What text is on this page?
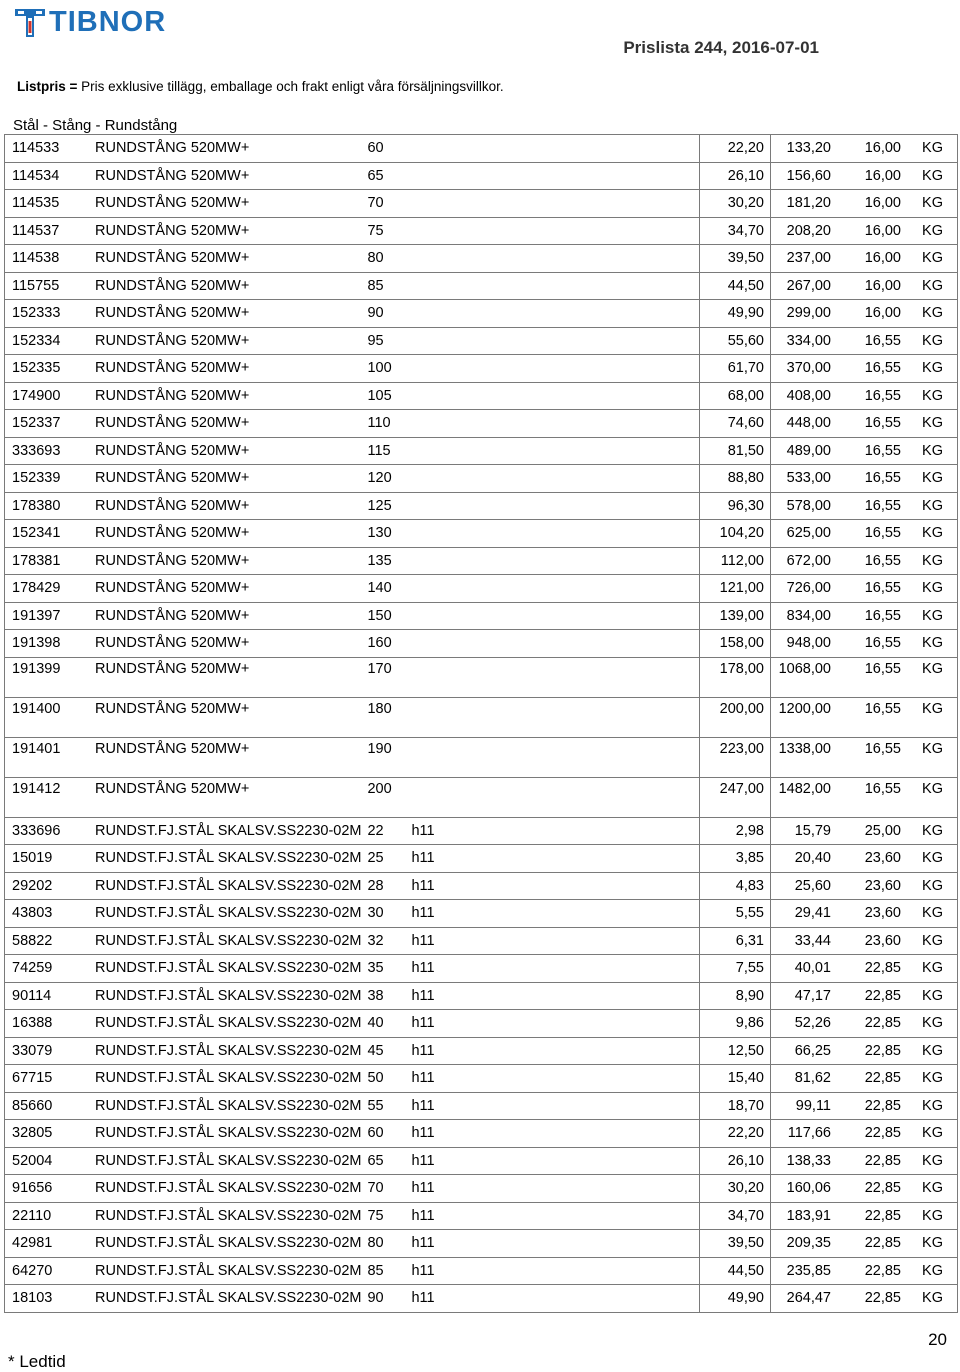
TIBNOR
Prislista 244, 2016-07-01
Listpris = Pris exklusive tillägg, emballage och frakt enligt våra försäljningsvillkor.
Stål - Stång - Rundstång
114533	RUNDSTÅNG 520MW+	60	22,20	133,20	16,00	KG
114534	RUNDSTÅNG 520MW+	65	26,10	156,60	16,00	KG
114535	RUNDSTÅNG 520MW+	70	30,20	181,20	16,00	KG
114537	RUNDSTÅNG 520MW+	75	34,70	208,20	16,00	KG
114538	RUNDSTÅNG 520MW+	80	39,50	237,00	16,00	KG
115755	RUNDSTÅNG 520MW+	85	44,50	267,00	16,00	KG
152333	RUNDSTÅNG 520MW+	90	49,90	299,00	16,00	KG
152334	RUNDSTÅNG 520MW+	95	55,60	334,00	16,55	KG
152335	RUNDSTÅNG 520MW+	100	61,70	370,00	16,55	KG
174900	RUNDSTÅNG 520MW+	105	68,00	408,00	16,55	KG
152337	RUNDSTÅNG 520MW+	110	74,60	448,00	16,55	KG
333693	RUNDSTÅNG 520MW+	115	81,50	489,00	16,55	KG
152339	RUNDSTÅNG 520MW+	120	88,80	533,00	16,55	KG
178380	RUNDSTÅNG 520MW+	125	96,30	578,00	16,55	KG
152341	RUNDSTÅNG 520MW+	130	104,20	625,00	16,55	KG
178381	RUNDSTÅNG 520MW+	135	112,00	672,00	16,55	KG
178429	RUNDSTÅNG 520MW+	140	121,00	726,00	16,55	KG
191397	RUNDSTÅNG 520MW+	150	139,00	834,00	16,55	KG
191398	RUNDSTÅNG 520MW+	160	158,00	948,00	16,55	KG
191399	RUNDSTÅNG 520MW+	170	178,00	1068,00	16,55	KG
191400	RUNDSTÅNG 520MW+	180	200,00	1200,00	16,55	KG
191401	RUNDSTÅNG 520MW+	190	223,00	1338,00	16,55	KG
191412	RUNDSTÅNG 520MW+	200	247,00	1482,00	16,55	KG
333696	RUNDST.FJ.STÅL SKALSV.SS2230-02M	22 h11	2,98	15,79	25,00	KG
15019	RUNDST.FJ.STÅL SKALSV.SS2230-02M	25 h11	3,85	20,40	23,60	KG
29202	RUNDST.FJ.STÅL SKALSV.SS2230-02M	28 h11	4,83	25,60	23,60	KG
43803	RUNDST.FJ.STÅL SKALSV.SS2230-02M	30 h11	5,55	29,41	23,60	KG
58822	RUNDST.FJ.STÅL SKALSV.SS2230-02M	32 h11	6,31	33,44	23,60	KG
74259	RUNDST.FJ.STÅL SKALSV.SS2230-02M	35 h11	7,55	40,01	22,85	KG
90114	RUNDST.FJ.STÅL SKALSV.SS2230-02M	38 h11	8,90	47,17	22,85	KG
16388	RUNDST.FJ.STÅL SKALSV.SS2230-02M	40 h11	9,86	52,26	22,85	KG
33079	RUNDST.FJ.STÅL SKALSV.SS2230-02M	45 h11	12,50	66,25	22,85	KG
67715	RUNDST.FJ.STÅL SKALSV.SS2230-02M	50 h11	15,40	81,62	22,85	KG
85660	RUNDST.FJ.STÅL SKALSV.SS2230-02M	55 h11	18,70	99,11	22,85	KG
32805	RUNDST.FJ.STÅL SKALSV.SS2230-02M	60 h11	22,20	117,66	22,85	KG
52004	RUNDST.FJ.STÅL SKALSV.SS2230-02M	65 h11	26,10	138,33	22,85	KG
91656	RUNDST.FJ.STÅL SKALSV.SS2230-02M	70 h11	30,20	160,06	22,85	KG
22110	RUNDST.FJ.STÅL SKALSV.SS2230-02M	75 h11	34,70	183,91	22,85	KG
42981	RUNDST.FJ.STÅL SKALSV.SS2230-02M	80 h11	39,50	209,35	22,85	KG
64270	RUNDST.FJ.STÅL SKALSV.SS2230-02M	85 h11	44,50	235,85	22,85	KG
18103	RUNDST.FJ.STÅL SKALSV.SS2230-02M	90 h11	49,90	264,47	22,85	KG
20
* Ledtid
